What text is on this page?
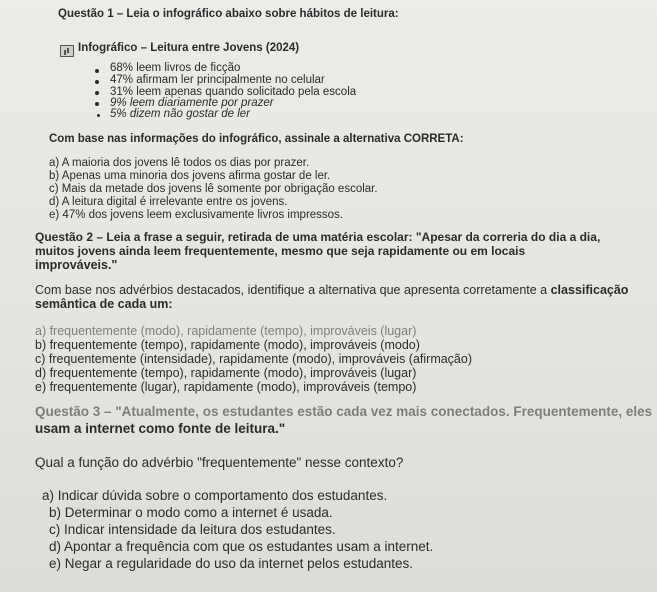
Questão 1 – Leia o infográfico abaixo sobre hábitos de leitura:
Infográfico – Leitura entre Jovens (2024)
68% leem livros de ficção
47% afirmam ler principalmente no celular
31% leem apenas quando solicitado pela escola
9% leem diariamente por prazer
5% dizem não gostar de ler
Com base nas informações do infográfico, assinale a alternativa CORRETA:
a) A maioria dos jovens lê todos os dias por prazer.
b) Apenas uma minoria dos jovens afirma gostar de ler.
c) Mais da metade dos jovens lê somente por obrigação escolar.
d) A leitura digital é irrelevante entre os jovens.
e) 47% dos jovens leem exclusivamente livros impressos.
Questão 2 – Leia a frase a seguir, retirada de uma matéria escolar: "Apesar da correria do dia a dia,
muitos jovens ainda leem frequentemente, mesmo que seja rapidamente ou em locais
improváveis."
Com base nos advérbios destacados, identifique a alternativa que apresenta corretamente a classificação
semântica de cada um:
a) frequentemente (modo), rapidamente (tempo), improváveis (lugar)
b) frequentemente (tempo), rapidamente (modo), improváveis (modo)
c) frequentemente (intensidade), rapidamente (modo), improváveis (afirmação)
d) frequentemente (tempo), rapidamente (modo), improváveis (lugar)
e) frequentemente (lugar), rapidamente (modo), improváveis (tempo)
Questão 3 – "Atualmente, os estudantes estão cada vez mais conectados. Frequentemente, eles
usam a internet como fonte de leitura."
Qual a função do advérbio "frequentemente" nesse contexto?
a) Indicar dúvida sobre o comportamento dos estudantes.
b) Determinar o modo como a internet é usada.
c) Indicar intensidade da leitura dos estudantes.
d) Apontar a frequência com que os estudantes usam a internet.
e) Negar a regularidade do uso da internet pelos estudantes.
